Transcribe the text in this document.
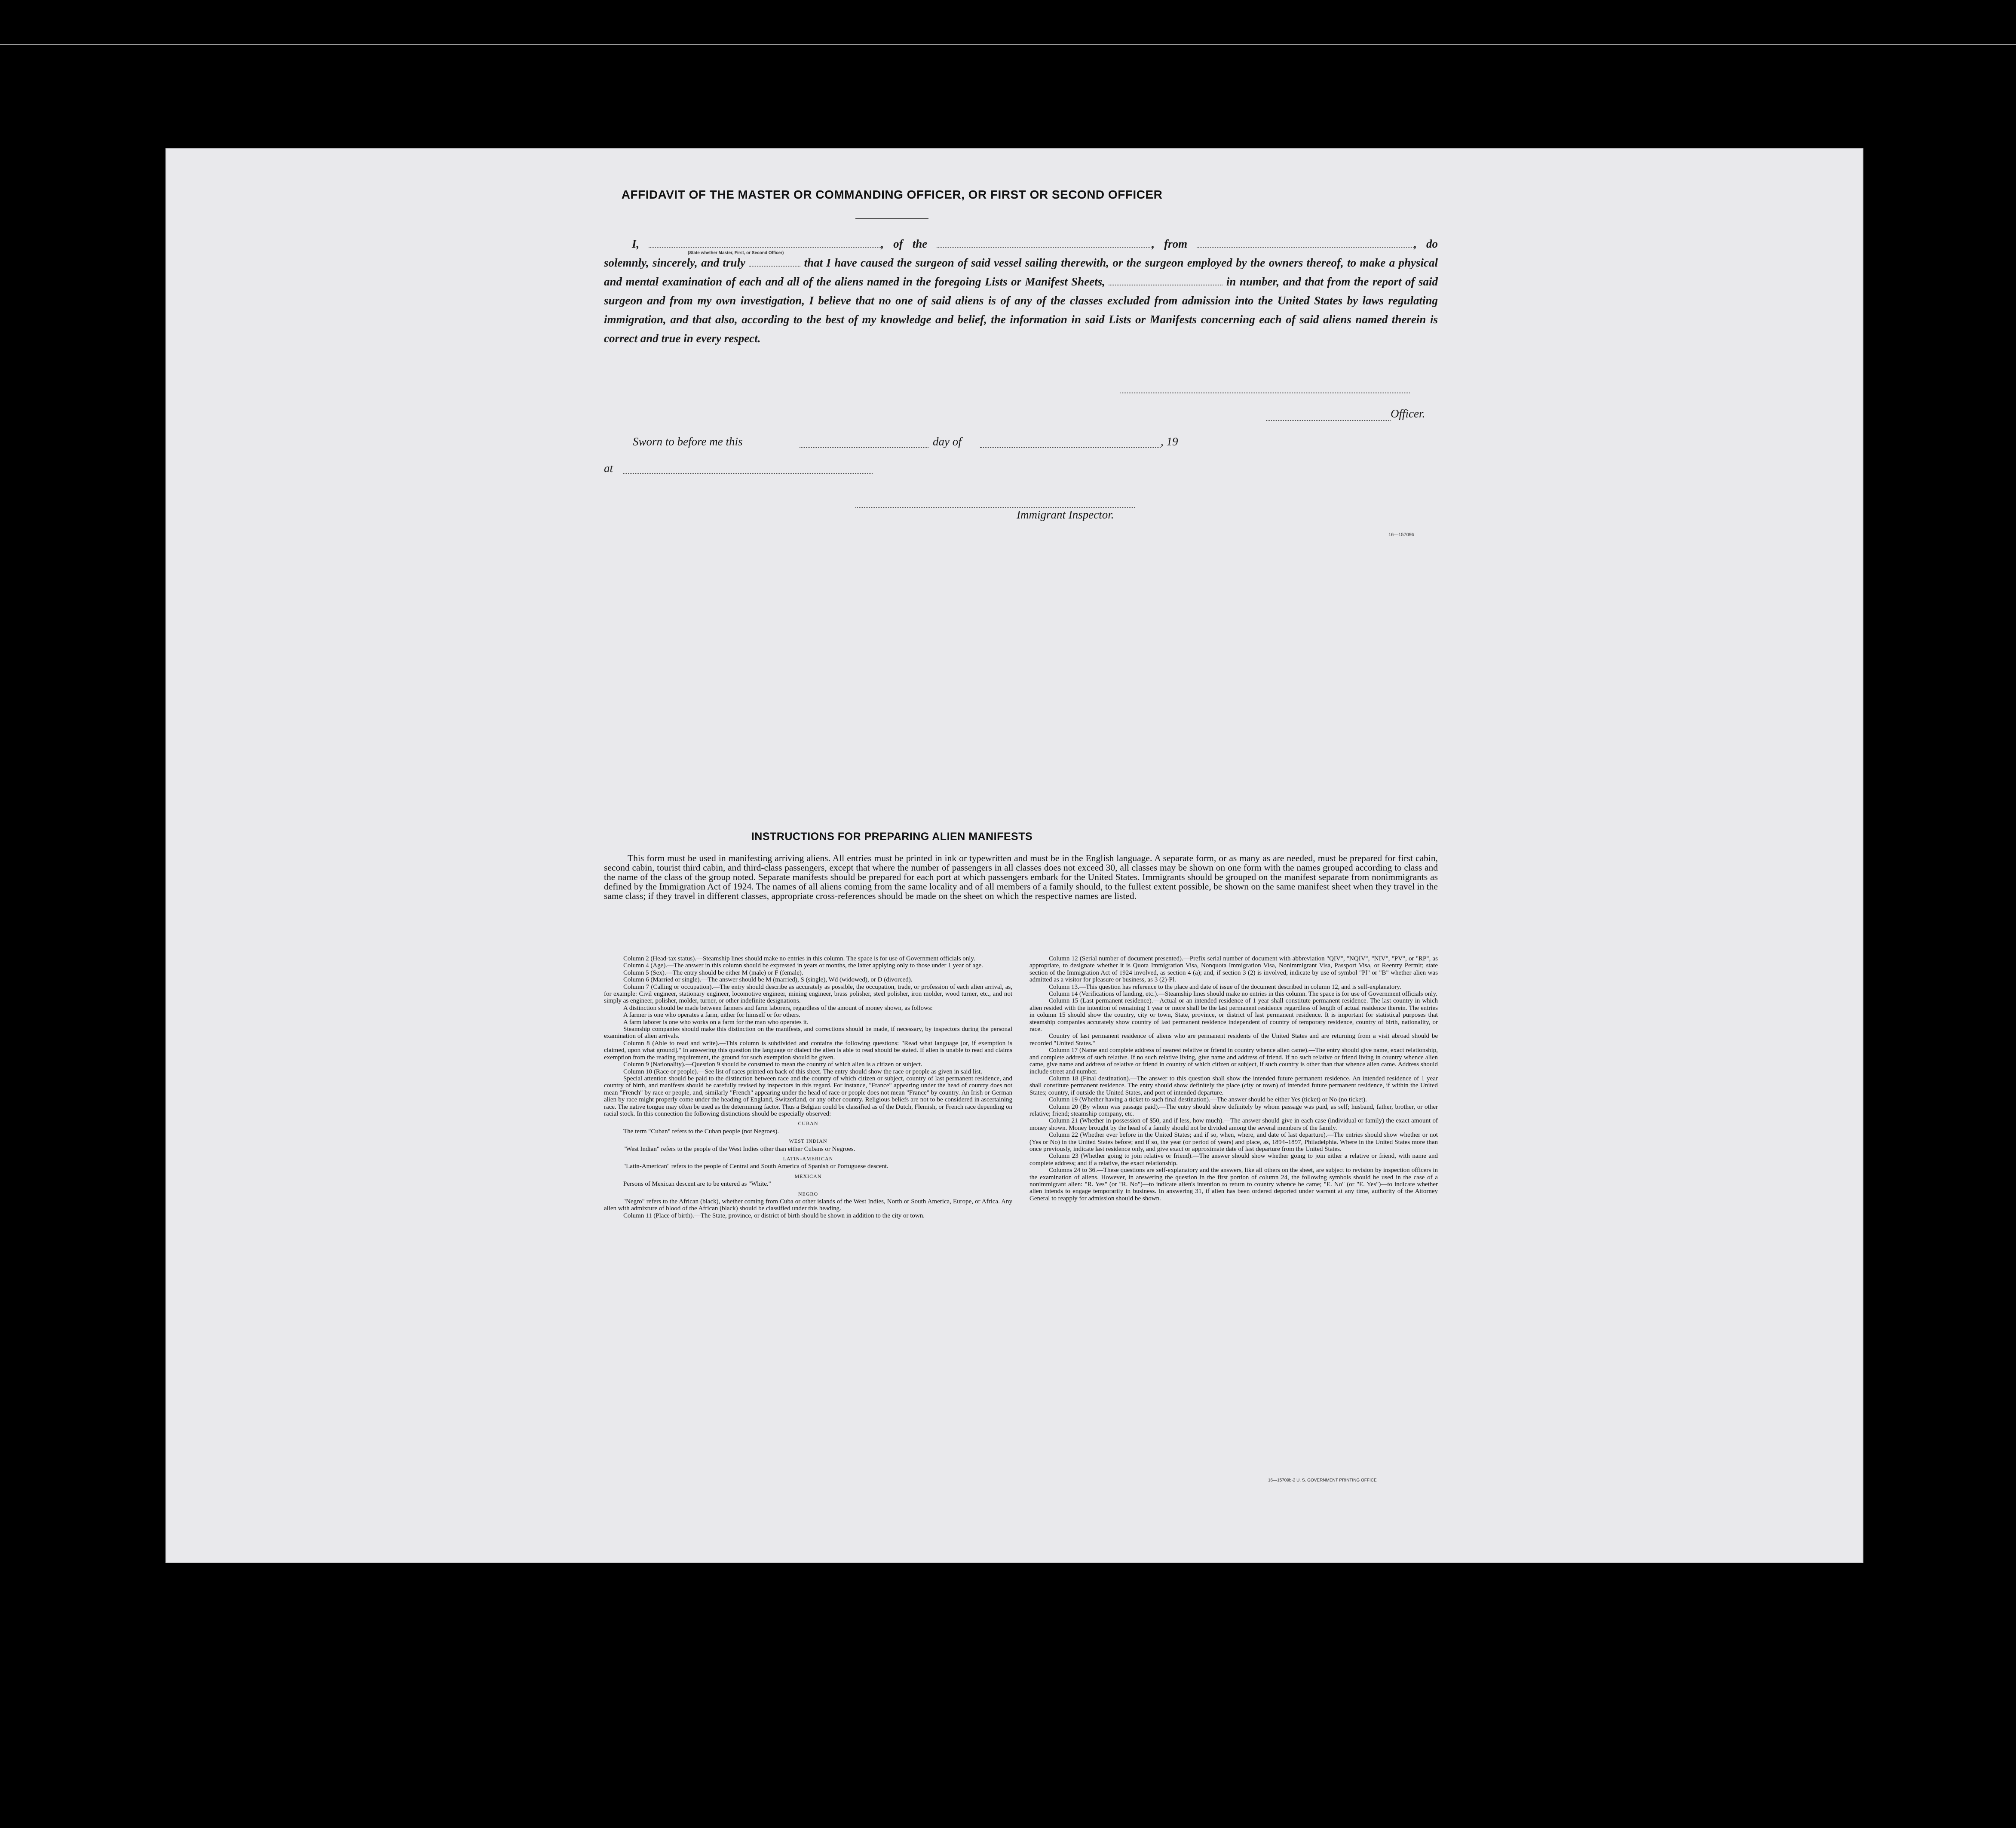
AFFIDAVIT OF THE MASTER OR COMMANDING OFFICER, OR FIRST OR SECOND OFFICER
I,	, of the	, from	, do solemnly, sincerely, and truly	that I have caused the surgeon of said vessel sailing therewith, or the surgeon employed by the owners thereof, to make a physical and mental examination of each and all of the aliens named in the foregoing Lists or Manifest Sheets,	in number, and that from the report of said surgeon and from my own investigation, I believe that no one of said aliens is of any of the classes excluded from admission into the United States by laws regulating immigration, and that also, according to the best of my knowledge and belief, the information in said Lists or Manifests concerning each of said aliens named therein is correct and true in every respect.
(State whether Master, First, or Second Officer)
Officer.
Sworn to before me this	day of	, 19
at
Immigrant Inspector.
16—15709b
INSTRUCTIONS FOR PREPARING ALIEN MANIFESTS
This form must be used in manifesting arriving aliens. All entries must be printed in ink or typewritten and must be in the English language. A separate form, or as many as are needed, must be prepared for first cabin, second cabin, tourist third cabin, and third-class passengers, except that where the number of passengers in all classes does not exceed 30, all classes may be shown on one form with the names grouped according to class and the name of the class of the group noted. Separate manifests should be prepared for each port at which passengers embark for the United States. Immigrants should be grouped on the manifest separate from nonimmigrants as defined by the Immigration Act of 1924. The names of all aliens coming from the same locality and of all members of a family should, to the fullest extent possible, be shown on the same manifest sheet when they travel in the same class; if they travel in different classes, appropriate cross-references should be made on the sheet on which the respective names are listed.

Column 2 (Head-tax status).—Steamship lines should make no entries in this column. The space is for use of Government officials only.

Column 4 (Age).—The answer in this column should be expressed in years or months, the latter applying only to those under 1 year of age.

Column 5 (Sex).—The entry should be either M (male) or F (female).

Column 6 (Married or single).—The answer should be M (married), S (single), Wd (widowed), or D (divorced).

Column 7 (Calling or occupation).—The entry should describe as accurately as possible, the occupation, trade, or profession of each alien arrival, as, for example: Civil engineer, stationary engineer, locomotive engineer, mining engineer, brass polisher, steel polisher, iron molder, wood turner, etc., and not simply as engineer, polisher, molder, turner, or other indefinite designations.

A distinction should be made between farmers and farm laborers, regardless of the amount of money shown, as follows:

A farmer is one who operates a farm, either for himself or for others.

A farm laborer is one who works on a farm for the man who operates it.

Steamship companies should make this distinction on the manifests, and corrections should be made, if necessary, by inspectors during the personal examination of alien arrivals.

Column 8 (Able to read and write).—This column is subdivided and contains the following questions: "Read what language [or, if exemption is claimed, upon what ground]." In answering this question the language or dialect the alien is able to read should be stated. If alien is unable to read and claims exemption from the reading requirement, the ground for such exemption should be given.

Column 9 (Nationality).—Question 9 should be construed to mean the country of which alien is a citizen or subject.

Column 10 (Race or people).—See list of races printed on back of this sheet. The entry should show the race or people as given in said list.

Special attention should be paid to the distinction between race and the country of which citizen or subject, country of last permanent residence, and country of birth, and manifests should be carefully revised by inspectors in this regard. For instance, "France" appearing under the head of country does not mean "French" by race or people, and, similarly "French" appearing under the head of race or people does not mean "France" by country. An Irish or German alien by race might properly come under the heading of England, Switzerland, or any other country. Religious beliefs are not to be considered in ascertaining race. The native tongue may often be used as the determining factor. Thus a Belgian could be classified as of the Dutch, Flemish, or French race depending on racial stock. In this connection the following distinctions should be especially observed:

CUBAN

The term "Cuban" refers to the Cuban people (not Negroes).

WEST INDIAN

"West Indian" refers to the people of the West Indies other than either Cubans or Negroes.

LATIN-AMERICAN

"Latin-American" refers to the people of Central and South America of Spanish or Portuguese descent.

MEXICAN

Persons of Mexican descent are to be entered as "White."

NEGRO

"Negro" refers to the African (black), whether coming from Cuba or other islands of the West Indies, North or South America, Europe, or Africa. Any alien with admixture of blood of the African (black) should be classified under this heading.

Column 11 (Place of birth).—The State, province, or district of birth should be shown in addition to the city or town.

Column 12 (Serial number of document presented).—Prefix serial number of document with abbreviation "QIV", "NQIV", "NIV", "PV", or "RP", as appropriate, to designate whether it is Quota Immigration Visa, Nonquota Immigration Visa, Nonimmigrant Visa, Passport Visa, or Reentry Permit; state section of the Immigration Act of 1924 involved, as section 4 (a); and, if section 3 (2) is involved, indicate by use of symbol "Pl" or "B" whether alien was admitted as a visitor for pleasure or business, as 3 (2)-Pl.

Column 13.—This question has reference to the place and date of issue of the document described in column 12, and is self-explanatory.

Column 14 (Verifications of landing, etc.).—Steamship lines should make no entries in this column. The space is for use of Government officials only.

Column 15 (Last permanent residence).—Actual or an intended residence of 1 year shall constitute permanent residence. The last country in which alien resided with the intention of remaining 1 year or more shall be the last permanent residence regardless of length of actual residence therein. The entries in column 15 should show the country, city or town, State, province, or district of last permanent residence. It is important for statistical purposes that steamship companies accurately show country of last permanent residence independent of country of temporary residence, country of birth, nationality, or race.

Country of last permanent residence of aliens who are permanent residents of the United States and are returning from a visit abroad should be recorded "United States."

Column 17 (Name and complete address of nearest relative or friend in country whence alien came).—The entry should give name, exact relationship, and complete address of such relative. If no such relative living, give name and address of friend. If no such relative or friend living in country whence alien came, give name and address of relative or friend in country of which citizen or subject, if such country is other than that whence alien came. Address should include street and number.

Column 18 (Final destination).—The answer to this question shall show the intended future permanent residence. An intended residence of 1 year shall constitute permanent residence. The entry should show definitely the place (city or town) of intended future permanent residence, if within the United States; country, if outside the United States, and port of intended departure.

Column 19 (Whether having a ticket to such final destination).—The answer should be either Yes (ticket) or No (no ticket).

Column 20 (By whom was passage paid).—The entry should show definitely by whom passage was paid, as self; husband, father, brother, or other relative; friend; steamship company, etc.

Column 21 (Whether in possession of $50, and if less, how much).—The answer should give in each case (individual or family) the exact amount of money shown. Money brought by the head of a family should not be divided among the several members of the family.

Column 22 (Whether ever before in the United States; and if so, when, where, and date of last departure).—The entries should show whether or not (Yes or No) in the United States before; and if so, the year (or period of years) and place, as, 1894–1897, Philadelphia. Where in the United States more than once previously, indicate last residence only, and give exact or approximate date of last departure from the United States.

Column 23 (Whether going to join relative or friend).—The answer should show whether going to join either a relative or friend, with name and complete address; and if a relative, the exact relationship.

Columns 24 to 36.—These questions are self-explanatory and the answers, like all others on the sheet, are subject to revision by inspection officers in the examination of aliens. However, in answering the question in the first portion of column 24, the following symbols should be used in the case of a nonimmigrant alien: "R. Yes" (or "R. No")—to indicate alien's intention to return to country whence he came; "E. No" (or "E. Yes")—to indicate whether alien intends to engage temporarily in business. In answering 31, if alien has been ordered deported under warrant at any time, authority of the Attorney General to reapply for admission should be shown.

16—15709b-2 U. S. GOVERNMENT PRINTING OFFICE
